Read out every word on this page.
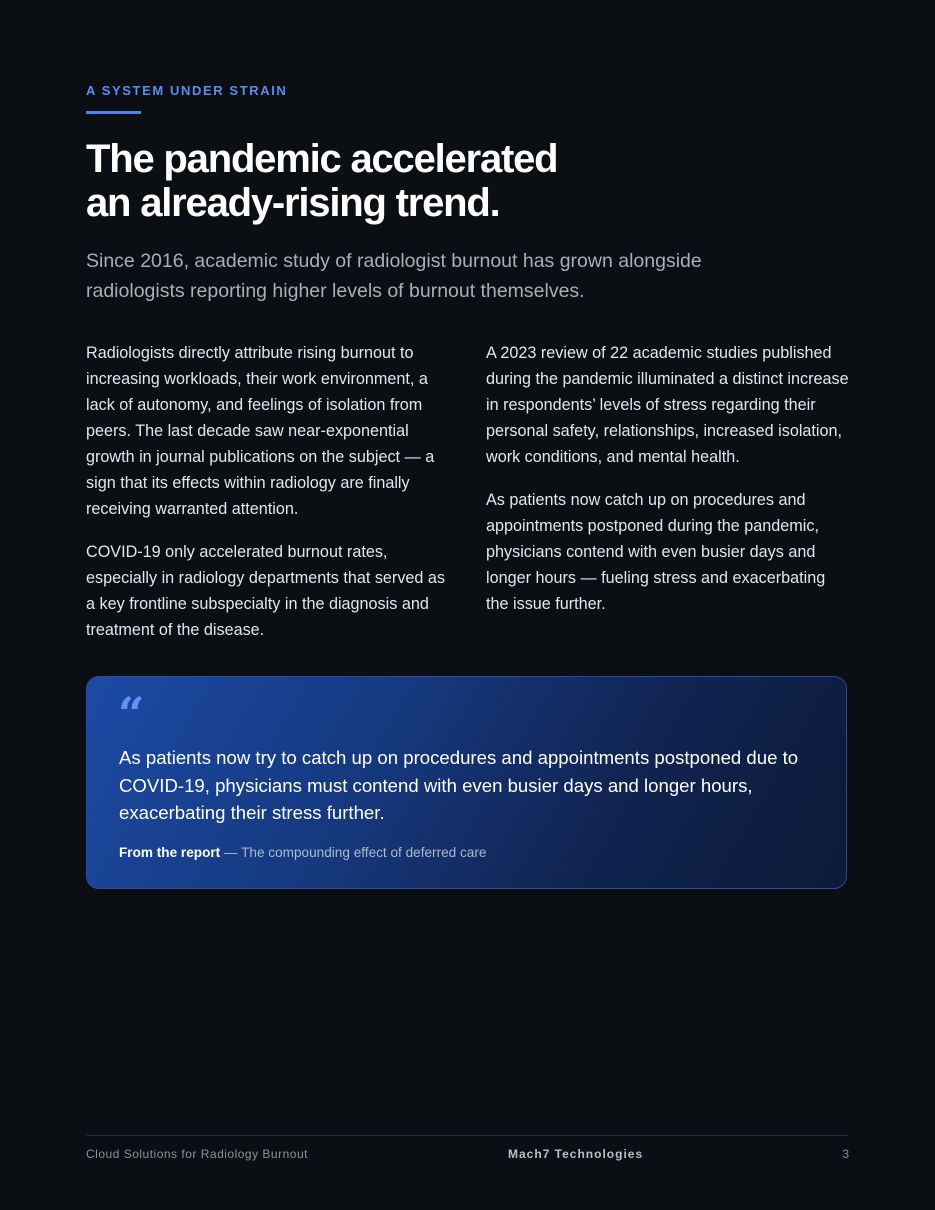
A SYSTEM UNDER STRAIN
The pandemic accelerated
an already-rising trend.

Since 2016, academic study of radiologist burnout has grown alongside radiologists reporting higher levels of burnout themselves.

Radiologists directly attribute rising burnout to increasing workloads, their work environment, a lack of autonomy, and feelings of isolation from peers. The last decade saw near-exponential growth in journal publications on the subject — a sign that its effects within radiology are finally receiving warranted attention.

COVID-19 only accelerated burnout rates, especially in radiology departments that served as a key frontline subspecialty in the diagnosis and treatment of the disease.

A 2023 review of 22 academic studies published during the pandemic illuminated a distinct increase in respondents’ levels of stress regarding their personal safety, relationships, increased isolation, work conditions, and mental health.

As patients now catch up on procedures and appointments postponed during the pandemic, physicians contend with even busier days and longer hours — fueling stress and exacerbating the issue further.

“

As patients now try to catch up on procedures and appointments postponed due to COVID-19, physicians must contend with even busier days and longer hours, exacerbating their stress further.

From the report — The compounding effect of deferred care
Cloud Solutions for Radiology Burnout	Mach7 Technologies	3
